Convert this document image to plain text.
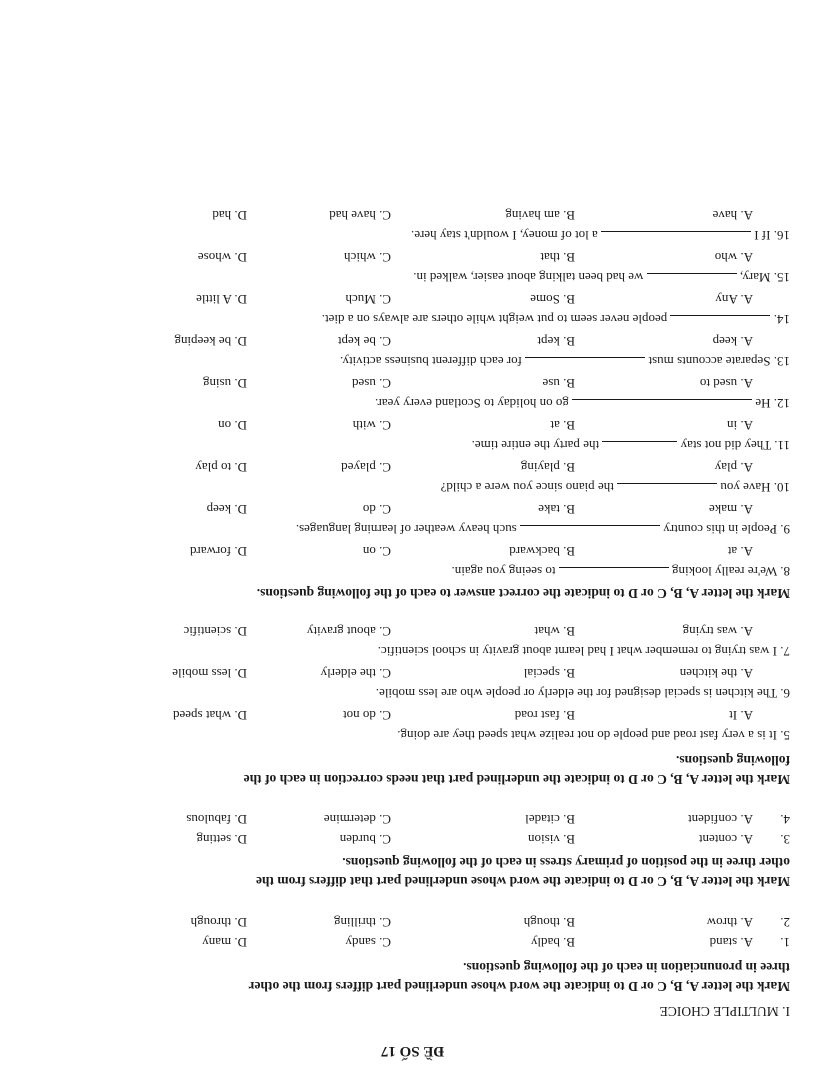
ĐỀ SỐ 17
I. MULTIPLE CHOICE
Mark the letter A, B, C or D to indicate the word whose underlined part differs from the other
three in pronunciation in each of the following questions.
1.
A. stand
B. badly
C. sandy
D. many
2.
A. throw
B. though
C. thrilling
D. through
Mark the letter A, B, C or D to indicate the word whose underlined part that differs from the
other three in the position of primary stress in each of the following questions.
3.
A. content
B. vision
C. burden
D. setting
4.
A. confident
B. citadel
C. determine
D. fabulous
Mark the letter A, B, C or D to indicate the underlined part that needs correction in each of the
following questions.
5. It is a very fast road and people do not realize what speed they are doing.
A. It
B. fast road
C. do not
D. what speed
6. The kitchen is special designed for the elderly or people who are less mobile.
A. the kitchen
B. special
C. the elderly
D. less mobile
7. I was trying to remember what I had learnt about gravity in school scientific.
A. was trying
B. what
C. about gravity
D. scientific
Mark the letter A, B, C or D to indicate the correct answer to each of the following questions.
8. We're really looking  to seeing you again.
A. at
B. backward
C. on
D. forward
9. People in this country  such heavy weather of learning languages.
A. make
B. take
C. do
D. keep
10. Have you  the piano since you were a child?
A. play
B. playing
C. played
D. to play
11. They did not stay  the party the entire time.
A. in
B. at
C. with
D. on
12. He  go on holiday to Scotland every year.
A. used to
B. use
C. used
D. using
13. Separate accounts must  for each different business activity.
A. keep
B. kept
C. be kept
D. be keeping
14.  people never seem to put weight while others are always on a diet.
A. Any
B. Some
C. Much
D. A little
15. Mary,  we had been talking about easier, walked in.
A. who
B. that
C. which
D. whose
16. If I  a lot of money, I wouldn't stay here.
A. have
B. am having
C. have had
D. had
